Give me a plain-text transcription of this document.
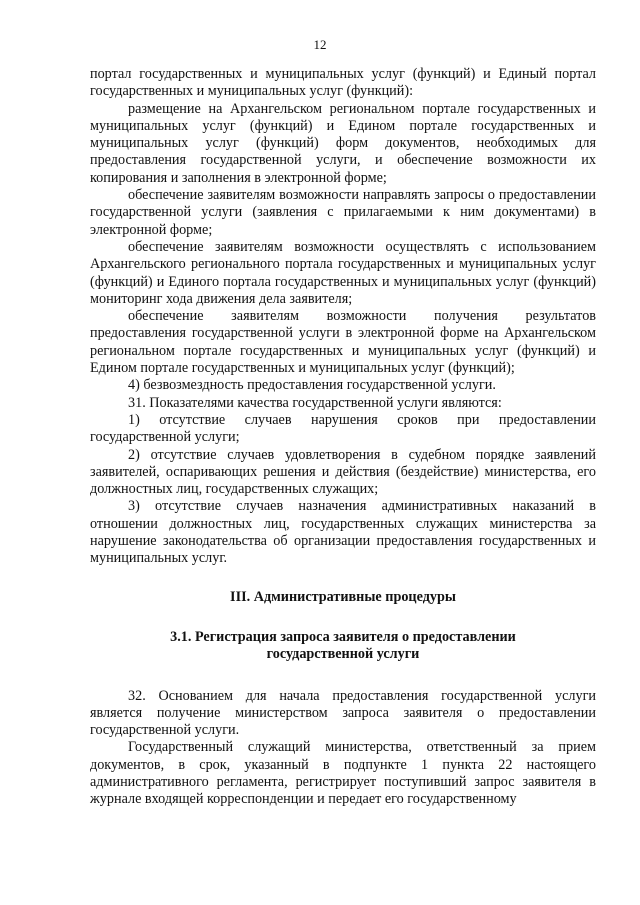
12

портал государственных и муниципальных услуг (функций) и Единый портал государственных и муниципальных услуг (функций):

размещение на Архангельском региональном портале государственных и муниципальных услуг (функций) и Едином портале государственных и муниципальных услуг (функций) форм документов, необходимых для предоставления государственной услуги, и обеспечение возможности их копирования и заполнения в электронной форме;

обеспечение заявителям возможности направлять запросы о предоставлении государственной услуги (заявления с прилагаемыми к ним документами) в электронной форме;

обеспечение заявителям возможности осуществлять с использованием Архангельского регионального портала государственных и муниципальных услуг (функций) и Единого портала государственных и муниципальных услуг (функций) мониторинг хода движения дела заявителя;

обеспечение заявителям возможности получения результатов предоставления государственной услуги в электронной форме на Архангельском региональном портале государственных и муниципальных услуг (функций) и Едином портале государственных и муниципальных услуг (функций);

4) безвозмездность предоставления государственной услуги.

31. Показателями качества государственной услуги являются:

1) отсутствие случаев нарушения сроков при предоставлении государственной услуги;

2) отсутствие случаев удовлетворения в судебном порядке заявлений заявителей, оспаривающих решения и действия (бездействие) министерства, его должностных лиц, государственных служащих;

3) отсутствие случаев назначения административных наказаний в отношении должностных лиц, государственных служащих министерства за нарушение законодательства об организации предоставления государственных и муниципальных услуг.

III. Административные процедуры

3.1. Регистрация запроса заявителя о предоставлении

государственной услуги

32. Основанием для начала предоставления государственной услуги является получение министерством запроса заявителя о предоставлении государственной услуги.

Государственный служащий министерства, ответственный за прием документов, в срок, указанный в подпункте 1 пункта 22 настоящего административного регламента, регистрирует поступивший запрос заявителя в журнале входящей корреспонденции и передает его государственному
